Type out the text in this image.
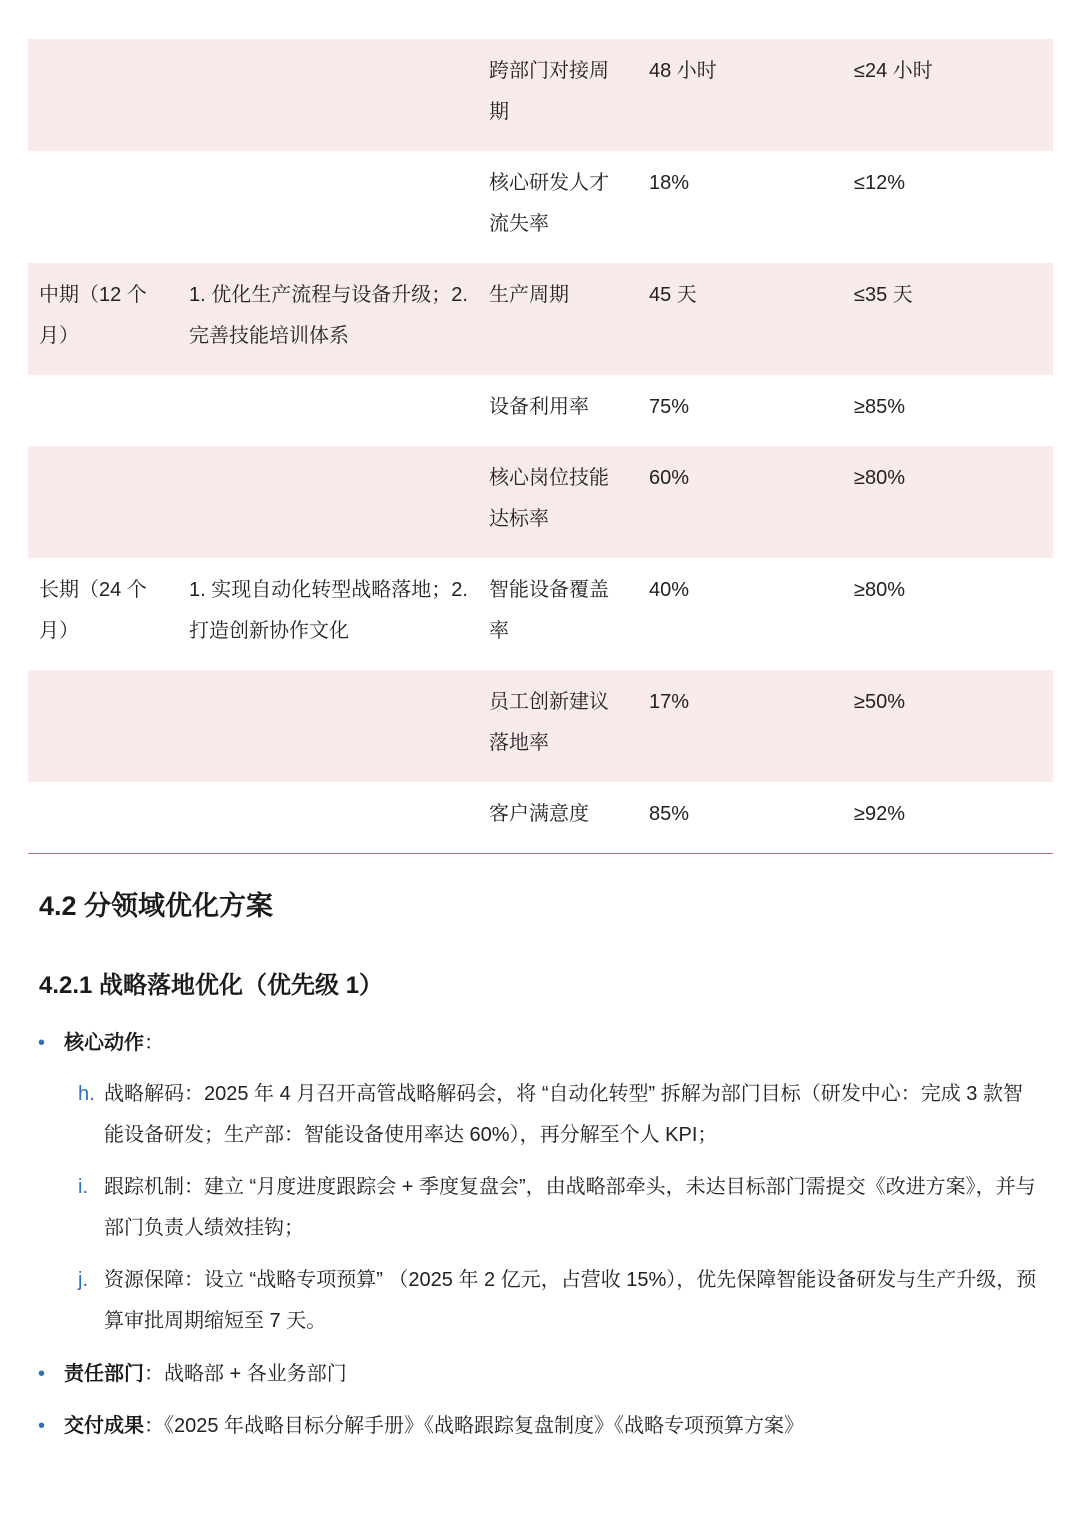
		跨部门对接周期	48 小时	≤24 小时
		核心研发人才流失率	18%	≤12%
中期（12 个月）	1. 优化生产流程与设备升级；2. 完善技能培训体系	生产周期	45 天	≤35 天
		设备利用率	75%	≥85%
		核心岗位技能达标率	60%	≥80%
长期（24 个月）	1. 实现自动化转型战略落地；2. 打造创新协作文化	智能设备覆盖率	40%	≥80%
		员工创新建议落地率	17%	≥50%
		客户满意度	85%	≥92%
4.2 分领域优化方案
4.2.1 战略落地优化（优先级 1）
• 核心动作：
h. 战略解码：2025 年 4 月召开高管战略解码会，将 “自动化转型” 拆解为部门目标（研发中心：完成 3 款智能设备研发；生产部：智能设备使用率达 60%），再分解至个人 KPI；
i. 跟踪机制：建立 “月度进度跟踪会 + 季度复盘会”，由战略部牵头，未达目标部门需提交《改进方案》，并与部门负责人绩效挂钩；
j. 资源保障：设立 “战略专项预算” （2025 年 2 亿元，占营收 15%），优先保障智能设备研发与生产升级，预算审批周期缩短至 7 天。
• 责任部门：战略部 + 各业务部门
• 交付成果：《2025 年战略目标分解手册》《战略跟踪复盘制度》《战略专项预算方案》
